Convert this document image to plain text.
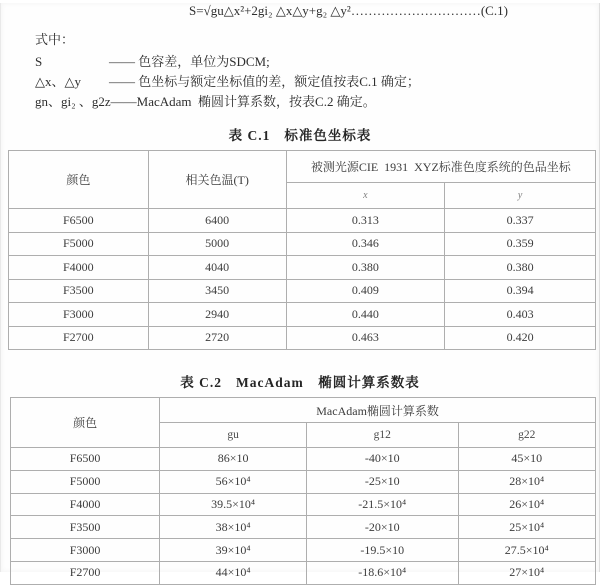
S=√gu△x²+2gi₂ △x△y+g₂ △y²…………………………(C.1)
式中：
S	—— 色容差，单位为SDCM;
△x、△y	—— 色坐标与额定坐标值的差，额定值按表C.1 确定；
gn、gi₂ 、g2z ——MacAdam  椭圆计算系数，按表C.2 确定。
表 C.1 标准色坐标表
颜色	相关色温(T)	被测光源CIE  1931  XYZ标准色度系统的色品坐标	
		x	y
F6500	6400	0.313	0.337
F5000	5000	0.346	0.359
F4000	4040	0.380	0.380
F3500	3450	0.409	0.394
F3000	2940	0.440	0.403
F2700	2720	0.463	0.420
表 C.2 MacAdam　椭圆计算系数表
颜色	MacAdam椭圆计算系数		
	gu	g12	g22
F6500	86×10	-40×10	45×10
F5000	56×10⁴	-25×10	28×10⁴
F4000	39.5×10⁴	-21.5×10⁴	26×10⁴
F3500	38×10⁴	-20×10	25×10⁴
F3000	39×10⁴	-19.5×10	27.5×10⁴
F2700	44×10⁴	-18.6×10⁴	27×10⁴
